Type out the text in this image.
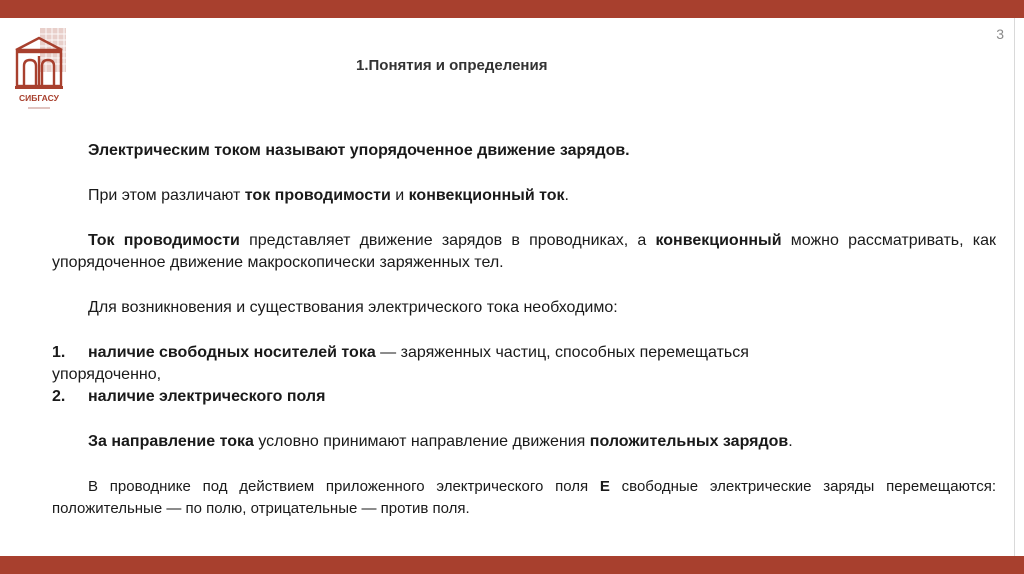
СИБГАСУ
3
1.Понятия и определения

Электрическим током называют упорядоченное движение зарядов.

При этом различают ток проводимости и конвекционный ток.

Ток проводимости представляет движение зарядов в проводниках, а конвекционный можно рассматривать, как упорядоченное движение макроскопически заряженных тел.

Для возникновения и существования электрического тока необходимо:

1.	наличие свободных носителей тока — заряженных частиц, способных перемещаться

упорядоченно,

2.	наличие электрического поля

За направление тока условно принимают направление движения положительных зарядов.

В проводнике под действием приложенного электрического поля E свободные электрические заряды перемещаются: положительные — по полю, отрицательные — против поля.
